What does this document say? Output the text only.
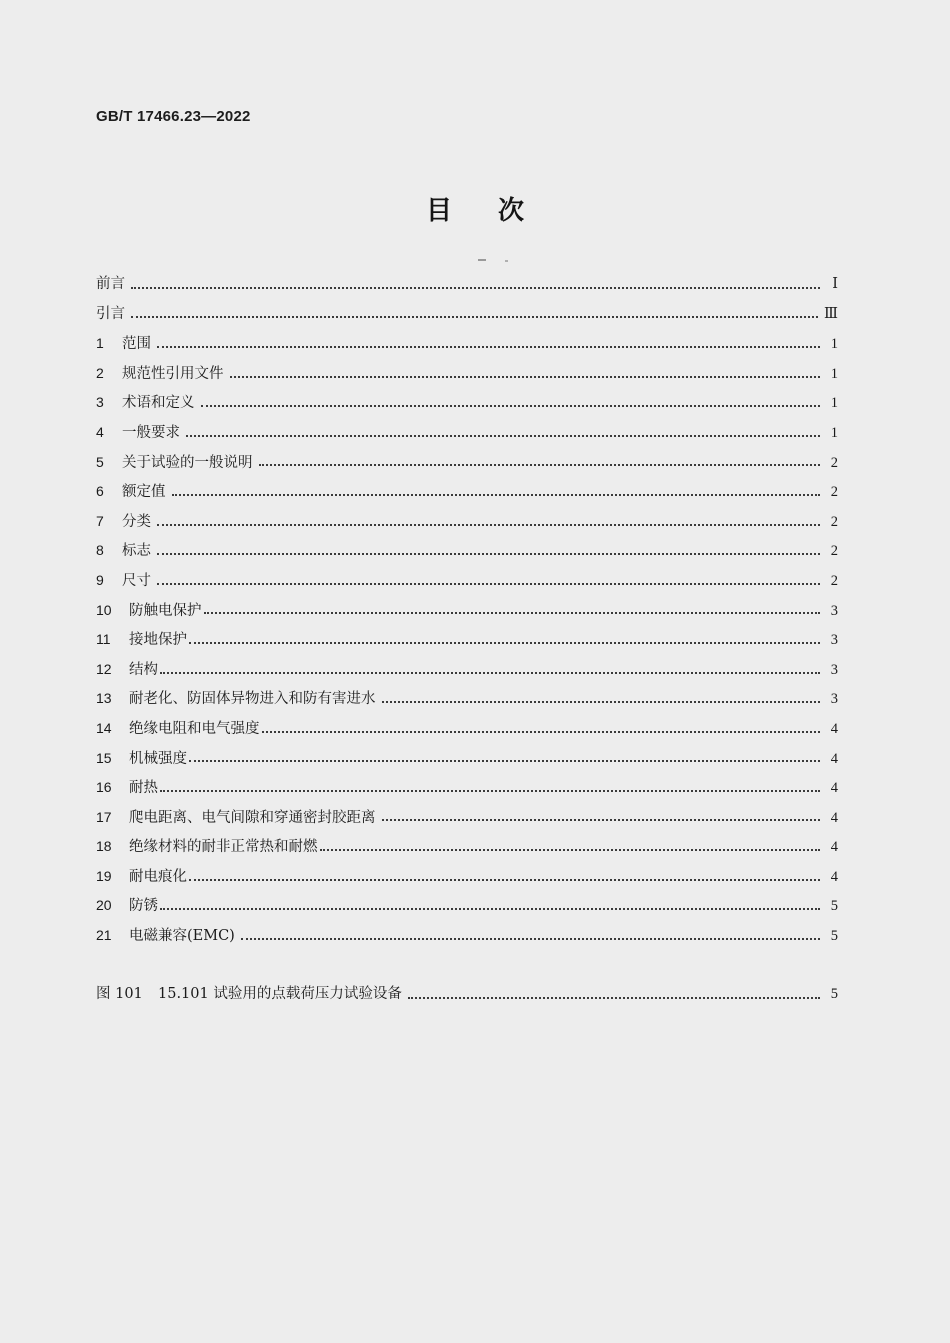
GB/T 17466.23—2022
目次
前言	Ⅰ
引言	Ⅲ
1	范围	1
2	规范性引用文件	1
3	术语和定义	1
4	一般要求	1
5	关于试验的一般说明	2
6	额定值	2
7	分类	2
8	标志	2
9	尺寸	2
10	防触电保护	3
11	接地保护	3
12	结构	3
13	耐老化、防固体异物进入和防有害进水	3
14	绝缘电阻和电气强度	4
15	机械强度	4
16	耐热	4
17	爬电距离、电气间隙和穿通密封胶距离	4
18	绝缘材料的耐非正常热和耐燃	4
19	耐电痕化	4
20	防锈	5
21	电磁兼容(EMC)	5
图 101	15.101 试验用的点载荷压力试验设备	5
